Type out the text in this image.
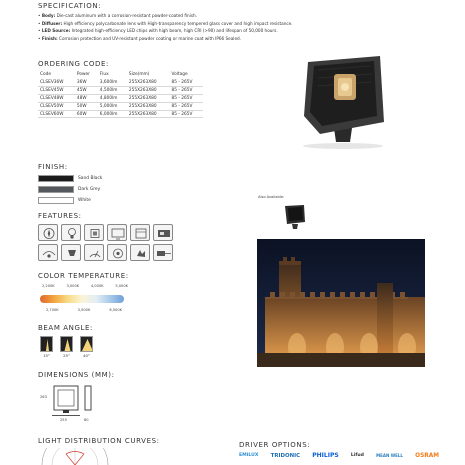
SPECIFICATION:
• Body: Die-cast aluminum with a corrosion-resistant powder-coated finish.
• Diffuser: High efficiency polycarbonate lens with High-transparency tempered glass cover and high impact resistance.
• LED Source: Integrated high-efficiency LED chips with high beam, high CRI (>90) and lifespan of 50,000 hours.
• Finish: Corrosion protection and UV-resistant powder coating or marine coat with IP66 Sealed.
ORDERING CODE:
Code	Power	Flux	Size(mm)	Voltage
CLSEV36W	36W	3,600lm	255X263X80	85 - 265V
CLSEV45W	45W	4,500lm	255X263X80	85 - 265V
CLSEV48W	48W	4,800lm	255X263X80	85 - 265V
CLSEV50W	50W	5,000lm	255X263X80	85 - 265V
CLSEV60W	60W	6,000lm	255X263X80	85 - 265V
FINISH:
Sand Black
Dark Grey
White
Also Available:
FEATURES:
COLOR TEMPERATURE:
2,200K	3,000K	4,000K	5,000K
2,700K	3,500K	6,500K
BEAM ANGLE:
15°	25°	40°
DIMENSIONS (MM):
263
255	80
LIGHT DISTRIBUTION CURVES:	DRIVER OPTIONS:
EMILUX TRIDONIC PHILIPS	Lifud	MEAN WELL OSRAM
